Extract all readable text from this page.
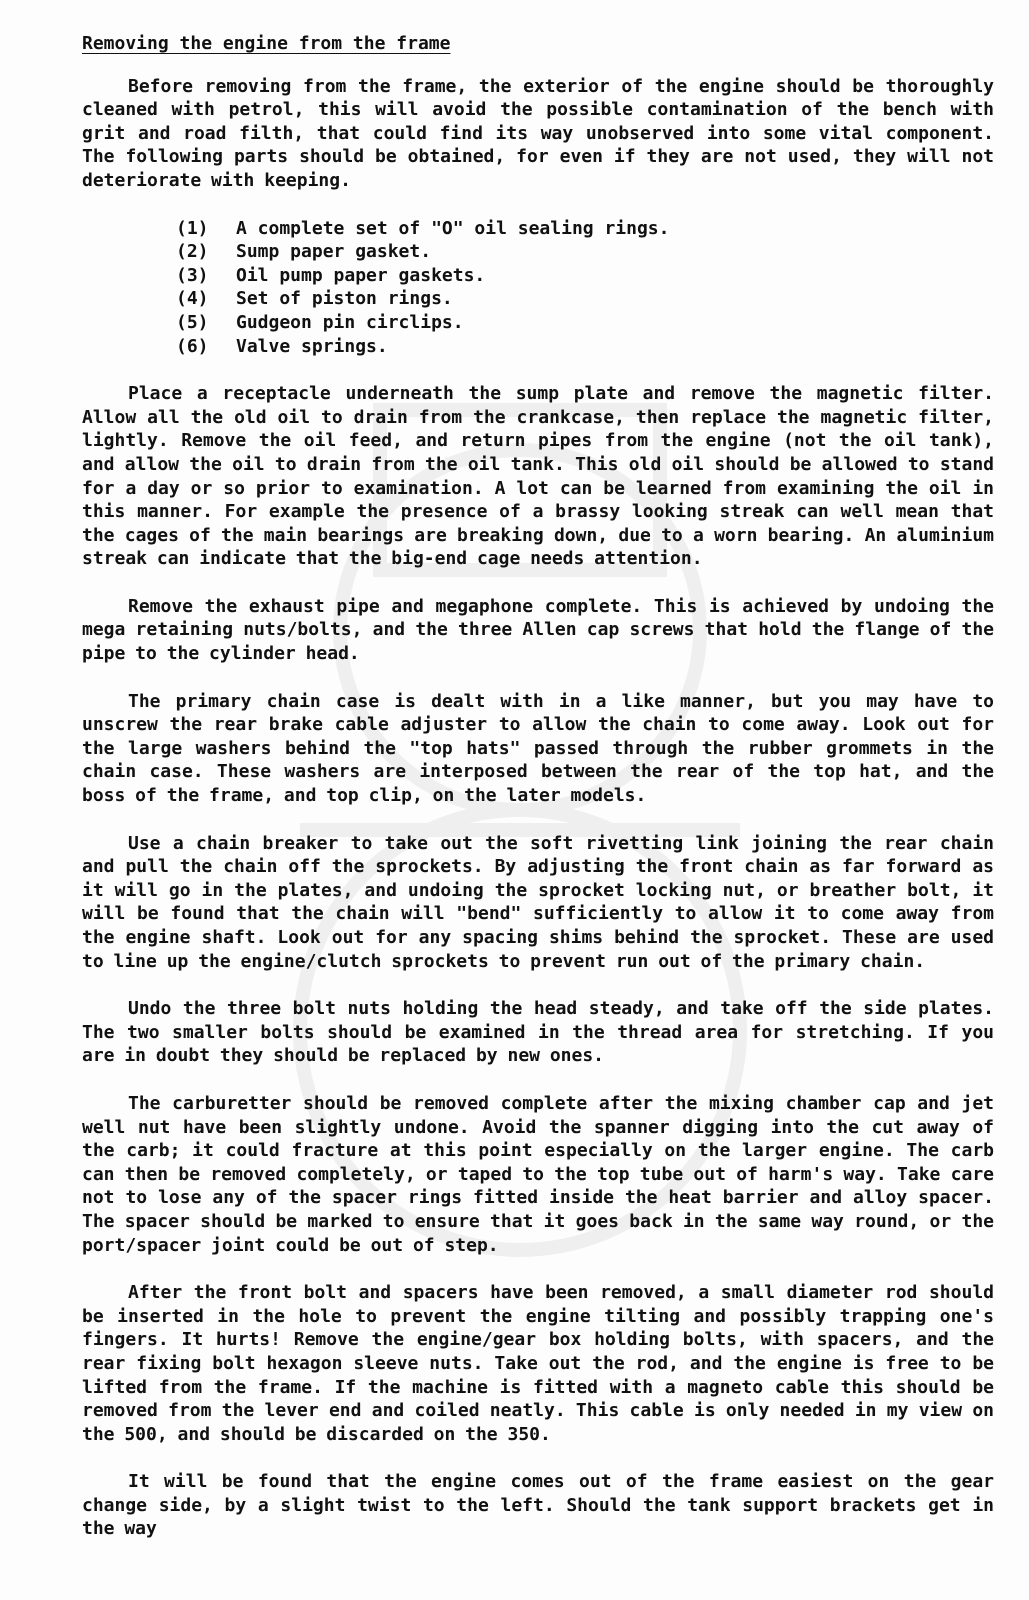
Removing the engine from the frame

Before removing from the frame, the exterior of the engine should be thoroughly cleaned with petrol, this will avoid the possible contamination of the bench with grit and road filth, that could find its way unobserved into some vital component. The following parts should be obtained, for even if they are not used, they will not deteriorate with keeping.

(1)	A complete set of "O" oil sealing rings.
(2)	Sump paper gasket.
(3)	Oil pump paper gaskets.
(4)	Set of piston rings.
(5)	Gudgeon pin circlips.
(6)	Valve springs.

Place a receptacle underneath the sump plate and remove the magnetic filter. Allow all the old oil to drain from the crankcase, then replace the magnetic filter, lightly. Remove the oil feed, and return pipes from the engine (not the oil tank), and allow the oil to drain from the oil tank. This old oil should be allowed to stand for a day or so prior to examination. A lot can be learned from examining the oil in this manner. For example the presence of a brassy looking streak can well mean that the cages of the main bearings are breaking down, due to a worn bearing. An aluminium streak can indicate that the big-end cage needs attention.

Remove the exhaust pipe and megaphone complete. This is achieved by undoing the mega retaining nuts/bolts, and the three Allen cap screws that hold the flange of the pipe to the cylinder head.

The primary chain case is dealt with in a like manner, but you may have to unscrew the rear brake cable adjuster to allow the chain to come away. Look out for the large washers behind the "top hats" passed through the rubber grommets in the chain case. These washers are interposed between the rear of the top hat, and the boss of the frame, and top clip, on the later models.

Use a chain breaker to take out the soft rivetting link joining the rear chain and pull the chain off the sprockets. By adjusting the front chain as far forward as it will go in the plates, and undoing the sprocket locking nut, or breather bolt, it will be found that the chain will "bend" sufficiently to allow it to come away from the engine shaft. Look out for any spacing shims behind the sprocket. These are used to line up the engine/clutch sprockets to prevent run out of the primary chain.

Undo the three bolt nuts holding the head steady, and take off the side plates. The two smaller bolts should be examined in the thread area for stretching. If you are in doubt they should be replaced by new ones.

The carburetter should be removed complete after the mixing chamber cap and jet well nut have been slightly undone. Avoid the spanner digging into the cut away of the carb; it could fracture at this point especially on the larger engine. The carb can then be removed completely, or taped to the top tube out of harm's way. Take care not to lose any of the spacer rings fitted inside the heat barrier and alloy spacer. The spacer should be marked to ensure that it goes back in the same way round, or the port/spacer joint could be out of step.

After the front bolt and spacers have been removed, a small diameter rod should be inserted in the hole to prevent the engine tilting and possibly trapping one's fingers. It hurts! Remove the engine/gear box holding bolts, with spacers, and the rear fixing bolt hexagon sleeve nuts. Take out the rod, and the engine is free to be lifted from the frame. If the machine is fitted with a magneto cable this should be removed from the lever end and coiled neatly. This cable is only needed in my view on the 500, and should be discarded on the 350.

It will be found that the engine comes out of the frame easiest on the gear change side, by a slight twist to the left. Should the tank support brackets get in the way
